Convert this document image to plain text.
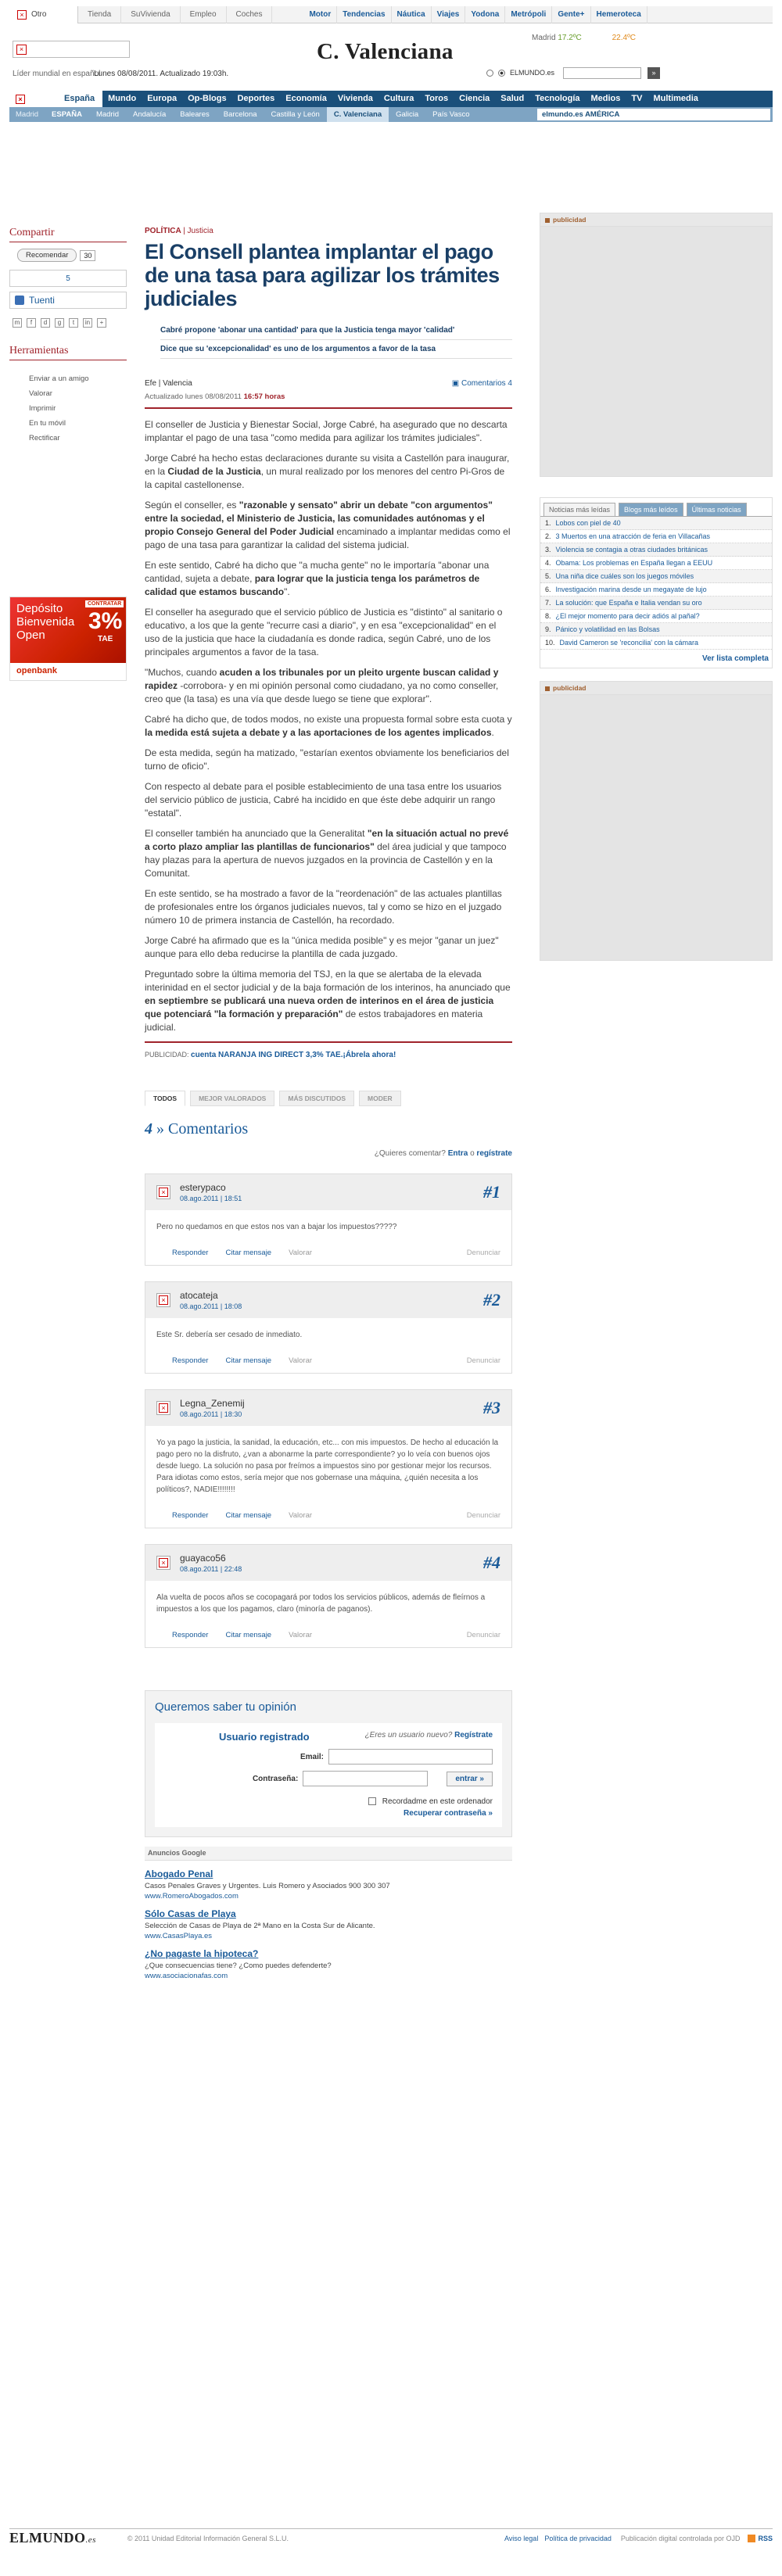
× Otro	Tienda	SuVivienda	Empleo	Coches	Motor	Tendencias	Náutica	Viajes	Yodona	Metrópoli	Gente+	Hemeroteca
Madrid 17.2ºC	22.4ºC
×
Líder mundial en español
Lunes 08/08/2011. Actualizado 19:03h.
C. Valenciana
ELMUNDO.es	»
×	España	Mundo	Europa	Op-Blogs	Deportes	Economía	Vivienda	Cultura	Toros	Ciencia	Salud	Tecnología	Medios	TV	Multimedia
Madrid	ESPAÑA	Madrid	Andalucía	Baleares	Barcelona	Castilla y León	C. Valenciana	Galicia	País Vasco	elmundo.es AMÉRICA
Compartir
Recomendar	30
5
Tuenti
m	f	d	g	t	in	+
Herramientas
Enviar a un amigo
Valorar
Imprimir
En tu móvil
Rectificar
Depósito
Bienvenida
Open
CONTRATAR
3%
TAE
openbank
POLÍTICA | Justicia
El Consell plantea implantar el pago de una tasa para agilizar los trámites judiciales
Cabré propone 'abonar una cantidad' para que la Justicia tenga mayor 'calidad'
Dice que su 'excepcionalidad' es uno de los argumentos a favor de la tasa
Efe | Valencia	▣ Comentarios 4
Actualizado lunes 08/08/2011 16:57 horas

El conseller de Justicia y Bienestar Social, Jorge Cabré, ha asegurado que no descarta implantar el pago de una tasa "como medida para agilizar los trámites judiciales".

Jorge Cabré ha hecho estas declaraciones durante su visita a Castellón para inaugurar, en la Ciudad de la Justicia, un mural realizado por los menores del centro Pi-Gros de la capital castellonense.

Según el conseller, es "razonable y sensato" abrir un debate "con argumentos" entre la sociedad, el Ministerio de Justicia, las comunidades autónomas y el propio Consejo General del Poder Judicial encaminado a implantar medidas como el pago de una tasa para garantizar la calidad del sistema judicial.

En este sentido, Cabré ha dicho que "a mucha gente" no le importaría "abonar una cantidad, sujeta a debate, para lograr que la justicia tenga los parámetros de calidad que estamos buscando".

El conseller ha asegurado que el servicio público de Justicia es "distinto" al sanitario o educativo, a los que la gente "recurre casi a diario", y en esa "excepcionalidad" en el uso de la justicia que hace la ciudadanía es donde radica, según Cabré, uno de los principales argumentos a favor de la tasa.

"Muchos, cuando acuden a los tribunales por un pleito urgente buscan calidad y rapidez -corrobora- y en mi opinión personal como ciudadano, ya no como conseller, creo que (la tasa) es una vía que desde luego se tiene que explorar".

Cabré ha dicho que, de todos modos, no existe una propuesta formal sobre esta cuota y la medida está sujeta a debate y a las aportaciones de los agentes implicados.

De esta medida, según ha matizado, "estarían exentos obviamente los beneficiarios del turno de oficio".

Con respecto al debate para el posible establecimiento de una tasa entre los usuarios del servicio público de justicia, Cabré ha incidido en que éste debe adquirir un rango "estatal".

El conseller también ha anunciado que la Generalitat "en la situación actual no prevé a corto plazo ampliar las plantillas de funcionarios" del área judicial y que tampoco hay plazas para la apertura de nuevos juzgados en la provincia de Castellón y en la Comunitat.

En este sentido, se ha mostrado a favor de la "reordenación" de las actuales plantillas de profesionales entre los órganos judiciales nuevos, tal y como se hizo en el juzgado número 10 de primera instancia de Castellón, ha recordado.

Jorge Cabré ha afirmado que es la "única medida posible" y es mejor "ganar un juez" aunque para ello deba reducirse la plantilla de cada juzgado.

Preguntado sobre la última memoria del TSJ, en la que se alertaba de la elevada interinidad en el sector judicial y de la baja formación de los interinos, ha anunciado que en septiembre se publicará una nueva orden de interinos en el área de justicia que potenciará "la formación y preparación" de estos trabajadores en materia judicial.

PUBLICIDAD: cuenta NARANJA ING DIRECT 3,3% TAE.¡Ábrela ahora!
TODOS	MEJOR VALORADOS	MÁS DISCUTIDOS	MODER
4 » Comentarios
¿Quieres comentar? Entra o regístrate
× esterypaco
08.ago.2011 | 18:51	#1
Pero no quedamos en que estos nos van a bajar los impuestos?????
Responder Citar mensaje Valorar	Denunciar
× atocateja
08.ago.2011 | 18:08	#2
Este Sr. debería ser cesado de inmediato.
Responder Citar mensaje Valorar	Denunciar
× Legna_Zenemij
08.ago.2011 | 18:30	#3
Yo ya pago la justicia, la sanidad, la educación, etc... con mis impuestos. De hecho al educación la pago pero no la disfruto, ¿van a abonarme la parte correspondiente? yo lo veía con buenos ojos desde luego. La solución no pasa por freímos a impuestos sino por gestionar mejor los recursos. Para idiotas como estos, sería mejor que nos gobernase una máquina, ¿quién necesita a los políticos?, NADIE!!!!!!!!
Responder Citar mensaje Valorar	Denunciar
× guayaco56
08.ago.2011 | 22:48	#4
Ala vuelta de pocos años se cocopagará por todos los servicios públicos, además de fleírnos a impuestos a los que los pagamos, claro (minoría de paganos).
Responder Citar mensaje Valorar	Denunciar
Queremos saber tu opinión
Usuario registrado	¿Eres un usuario nuevo? Regístrate
Email:
Contraseña:	entrar »
Recordadme en este ordenador
Recuperar contraseña »
Anuncios Google
Abogado Penal
Casos Penales Graves y Urgentes. Luis Romero y Asociados 900 300 307
www.RomeroAbogados.com
Sólo Casas de Playa
Selección de Casas de Playa de 2ª Mano en la Costa Sur de Alicante.
www.CasasPlaya.es
¿No pagaste la hipoteca?
¿Que consecuencias tiene? ¿Como puedes defenderte?
www.asociacionafas.com
publicidad
Noticias más leídas	Blogs más leídos	Últimas noticias
1. Lobos con piel de 40
2. 3 Muertos en una atracción de feria en Villacañas
3. Violencia se contagia a otras ciudades británicas
4. Obama: Los problemas en España llegan a EEUU
5. Una niña dice cuáles son los juegos móviles
6. Investigación marina desde un megayate de lujo
7. La solución: que España e Italia vendan su oro
8. ¿El mejor momento para decir adiós al pañal?
9. Pánico y volatilidad en las Bolsas
10. David Cameron se 'reconcilia' con la cámara
Ver lista completa
publicidad
ELMUNDO.es	© 2011 Unidad Editorial Información General S.L.U.	Aviso legal Política de privacidad Publicación digital controlada por OJD	RSS
